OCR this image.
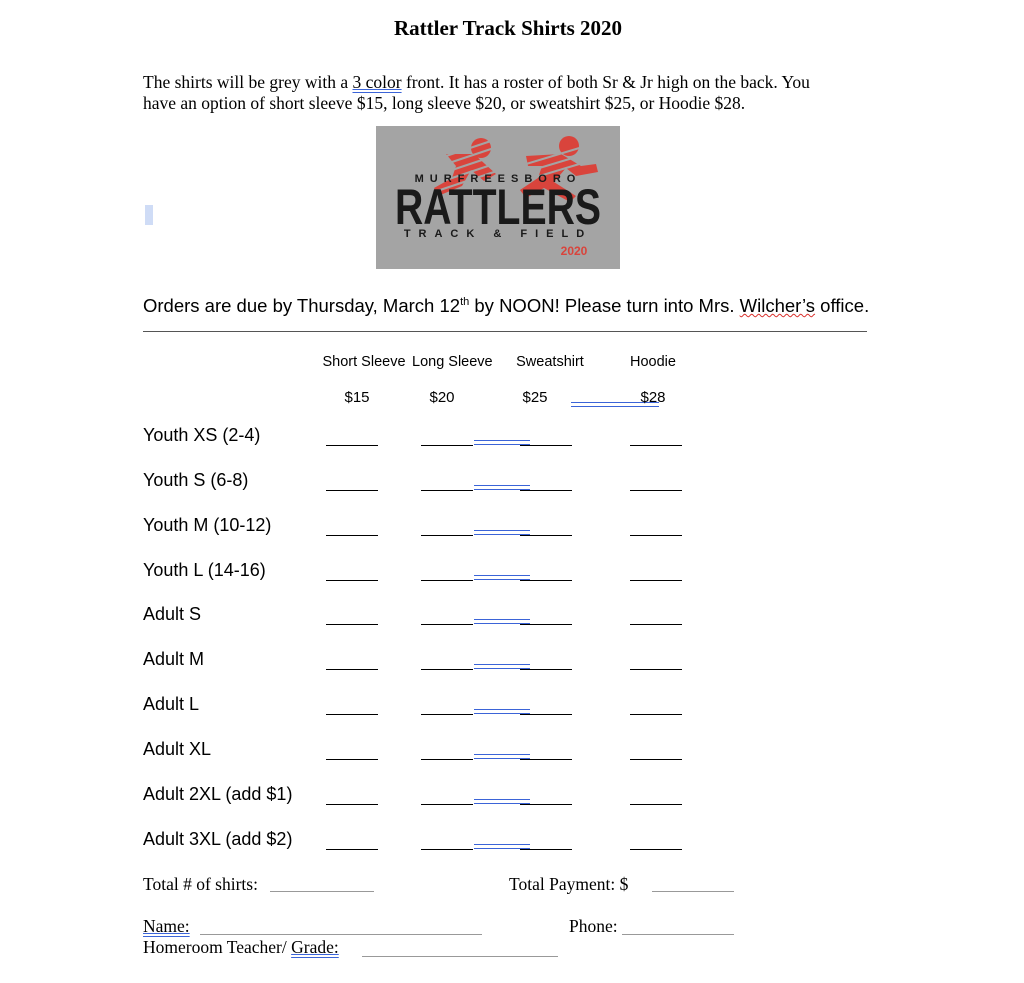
Rattler Track Shirts 2020
The shirts will be grey with a 3 color front. It has a roster of both Sr & Jr high on the back. You
have an option of short sleeve $15, long sleeve $20, or sweatshirt $25, or Hoodie $28.
MURFREESBORO
RATTLERS
TRACK & FIELD
2020
Orders are due by Thursday, March 12th by NOON! Please turn into Mrs. Wilcher’s office.
Short Sleeve Long Sleeve	Sweatshirt	Hoodie
$15	$20	$25	$28
Youth XS (2-4)
Youth S (6-8)
Youth M (10-12)
Youth L (14-16)
Adult S
Adult M
Adult L
Adult XL
Adult 2XL (add $1)
Adult 3XL (add $2)
Total # of shirts:	Total Payment: $
Name:	Phone:
Homeroom Teacher/ Grade:
